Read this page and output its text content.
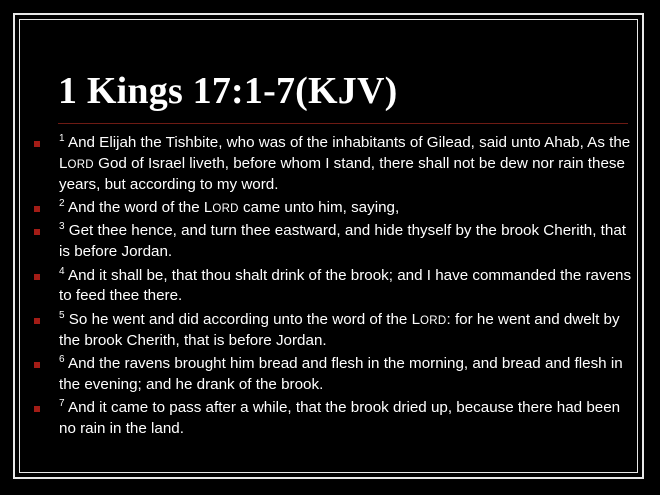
1 Kings 17:1-7(KJV)
$^1$ And Elijah the Tishbite, who was of the inhabitants of Gilead, said unto Ahab, As the LORD God of Israel liveth, before whom I stand, there shall not be dew nor rain these years, but according to my word.
$^2$ And the word of the LORD came unto him, saying,
$^3$ Get thee hence, and turn thee eastward, and hide thyself by the brook Cherith, that is before Jordan.
$^4$ And it shall be, that thou shalt drink of the brook; and I have commanded the ravens to feed thee there.
$^5$ So he went and did according unto the word of the LORD: for he went and dwelt by the brook Cherith, that is before Jordan.
$^6$ And the ravens brought him bread and flesh in the morning, and bread and flesh in the evening; and he drank of the brook.
$^7$ And it came to pass after a while, that the brook dried up, because there had been no rain in the land.
